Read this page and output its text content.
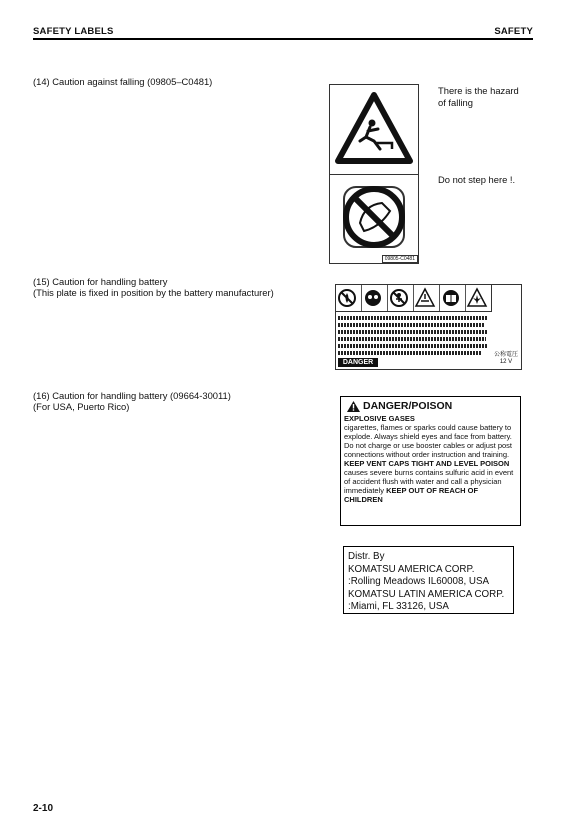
SAFETY LABELS	SAFETY
(14) Caution against falling (09805–C0481)
09805-C0481
There is the hazard
of falling
Do not step here !.
(15) Caution for handling battery
(This plate is fixed in position by the battery manufacturer)
DANGER
公称電圧
12 V
(16) Caution for handling battery (09664-30011)
(For USA, Puerto Rico)	DANGER/POISON

EXPLOSIVE GASES

cigarettes, flames or sparks could cause battery to explode. Always shield eyes and face from battery.

Do not charge or use booster cables or adjust post connections without order instruction and training.

KEEP VENT CAPS TIGHT AND LEVEL POISON

causes severe burns contains sulfuric acid in event of accident flush with water and call a physician immediately KEEP OUT OF REACH OF CHILDREN

Distr. By
KOMATSU AMERICA CORP.
:Rolling Meadows IL60008, USA
KOMATSU LATIN AMERICA CORP.
:Miami, FL 33126, USA
2-10
